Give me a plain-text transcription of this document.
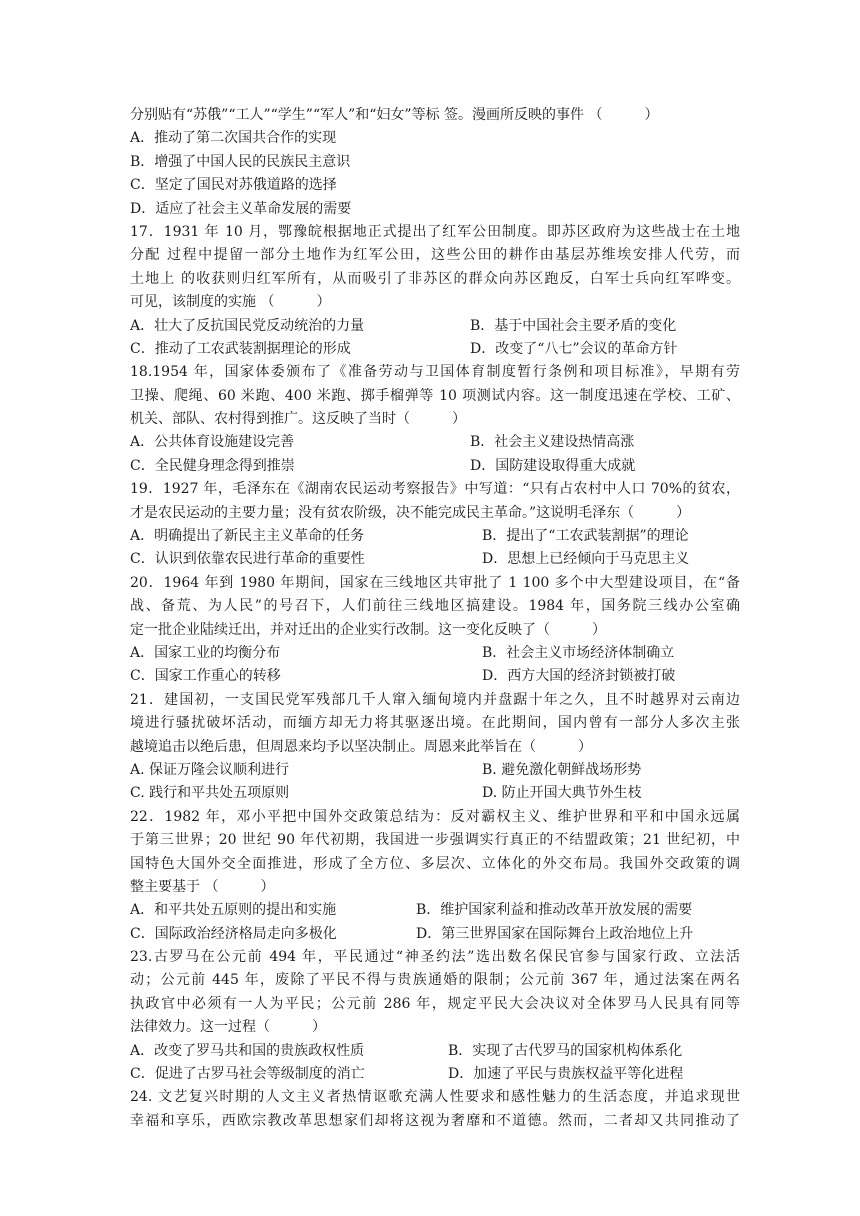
分别贴有“苏俄”“工人”“学生”“军人”和“妇女”等标 签。漫画所反映的事件 （　　　）
A．推动了第二次国共合作的实现
B．增强了中国人民的民族民主意识
C．坚定了国民对苏俄道路的选择
D．适应了社会主义革命发展的需要
17．1931 年 10 月，鄂豫皖根据地正式提出了红军公田制度。即苏区政府为这些战士在土地
分配 过程中提留一部分土地作为红军公田，这些公田的耕作由基层苏维埃安排人代劳，而
土地上 的收获则归红军所有，从而吸引了非苏区的群众向苏区跑反，白军士兵向红军哗变。
可见，该制度的实施 （　　　）
A．壮大了反抗国民党反动统治的力量	B．基于中国社会主要矛盾的变化
C．推动了工农武装割据理论的形成	D．改变了“八七”会议的革命方针
18.1954 年，国家体委颁布了《准备劳动与卫国体育制度暂行条例和项目标准》，早期有劳
卫操、爬绳、60 米跑、400 米跑、掷手榴弹等 10 项测试内容。这一制度迅速在学校、工矿、
机关、部队、农村得到推广。这反映了当时（　　　）
A．公共体育设施建设完善	B．社会主义建设热情高涨
C．全民健身理念得到推崇	D．国防建设取得重大成就
19．1927 年，毛泽东在《湖南农民运动考察报告》中写道：“只有占农村中人口 70%的贫农，
才是农民运动的主要力量；没有贫农阶级，决不能完成民主革命。”这说明毛泽东（　　　）
A．明确提出了新民主主义革命的任务	B．提出了“工农武装割据”的理论
C．认识到依靠农民进行革命的重要性	D．思想上已经倾向于马克思主义
20．1964 年到 1980 年期间，国家在三线地区共审批了 1 100 多个中大型建设项目，在“备
战、备荒、为人民”的号召下，人们前往三线地区搞建设。1984 年，国务院三线办公室确
定一批企业陆续迁出，并对迁出的企业实行改制。这一变化反映了（　　　）
A．国家工业的均衡分布	B．社会主义市场经济体制确立
C．国家工作重心的转移	D．西方大国的经济封锁被打破
21．建国初，一支国民党军残部几千人窜入缅甸境内并盘踞十年之久，且不时越界对云南边
境进行骚扰破坏活动，而缅方却无力将其驱逐出境。在此期间，国内曾有一部分人多次主张
越境追击以绝后患，但周恩来均予以坚决制止。周恩来此举旨在（　　　）
A. 保证万隆会议顺利进行	B. 避免激化朝鲜战场形势
C. 践行和平共处五项原则	D. 防止开国大典节外生枝
22．1982 年，邓小平把中国外交政策总结为：反对霸权主义、维护世界和平和中国永远属
于第三世界；20 世纪 90 年代初期，我国进一步强调实行真正的不结盟政策；21 世纪初，中
国特色大国外交全面推进，形成了全方位、多层次、立体化的外交布局。我国外交政策的调
整主要基于 （　　　）
A．和平共处五原则的提出和实施	B．维护国家利益和推动改革开放发展的需要
C．国际政治经济格局走向多极化	D．第三世界国家在国际舞台上政治地位上升
23.古罗马在公元前 494 年，平民通过“神圣约法”选出数名保民官参与国家行政、立法活
动；公元前 445 年，废除了平民不得与贵族通婚的限制；公元前 367 年，通过法案在两名
执政官中必须有一人为平民；公元前 286 年，规定平民大会决议对全体罗马人民具有同等
法律效力。这一过程（　　　）
A．改变了罗马共和国的贵族政权性质	B．实现了古代罗马的国家机构体系化
C．促进了古罗马社会等级制度的消亡	D．加速了平民与贵族权益平等化进程
24. 文艺复兴时期的人文主义者热情讴歌充满人性要求和感性魅力的生活态度，并追求现世
幸福和享乐，西欧宗教改革思想家们却将这视为奢靡和不道德。然而，二者却又共同推动了
